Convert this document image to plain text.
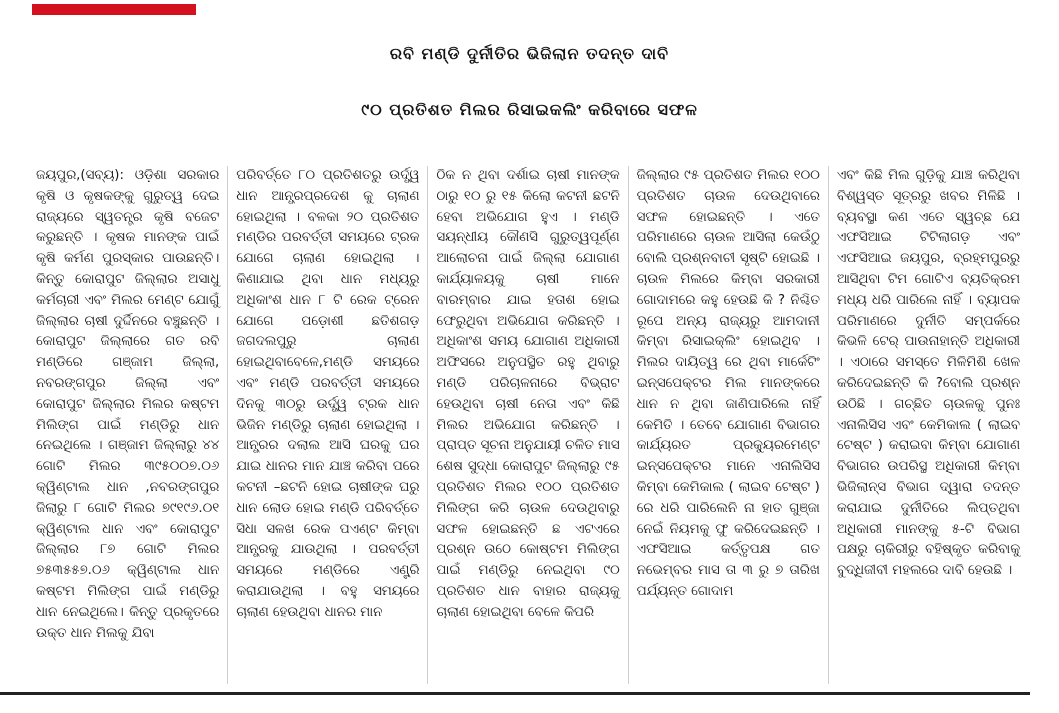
ରବି ମଣ୍ଡି ଦୁର୍ନୀତିର ଭିଜିଲାନ ତଦନ୍ତ ଦାବି
୯୦ ପ୍ରତିଶତ ମିଲର ରିସାଇକଲିଂ କରିବାରେ ସଫଳ
ଜୟପୁର,(ସବ୍ୟ): ଓଡ଼ିଶା ସରକାର କୃଷି ଓ କୃଷକଙ୍କୁ ଗୁରୁତ୍ୱ ଦେଇ ରାଜ୍ୟରେ ସ୍ୱତନ୍ତ୍ର କୃଷି ବଜେଟ କରୁଛନ୍ତି । କୃଷକ ମାନଙ୍କ ପାଇଁ କୃଷି କର୍ମଣ ପୁରସ୍କାର ପାଉଛନ୍ତି। କିନ୍ତୁ କୋରାପୁଟ ଜିଲ୍ଲାର ଅସାଧୁ କର୍ମଚାରୀ ଏବଂ ମିଲର ମେଣ୍ଟ ଯୋଗୁଁ ଜିଲ୍ଲାର ଚାଷୀ ଦୁର୍ଦ୍ଦିନରେ ବଞ୍ଚୁଛନ୍ତି । କୋରାପୁଟ ଜିଲ୍ଲାରେ ଗତ ରବି ମଣ୍ଡିରେ ଗଞ୍ଜାମ ଜିଲ୍ଲା, ନବରଙ୍ଗପୁର ଜିଲ୍ଲା ଏବଂ କୋରାପୁଟ ଜିଲ୍ଲାର ମିଲର କଷ୍ଟମ ମିଲିଙ୍ଗ ପାଇଁ ମଣ୍ଡିରୁ ଧାନ ନେଇଥିଲେ । ଗଞ୍ଜାମ ଜିଲ୍ଲାରୁ ୪୪ ଗୋଟି ମିଲର ୩୯୫୦୦୭.୦୬ କ୍ୱିଣ୍ଟାଲ ଧାନ ,ନବରଙ୍ଗପୁର ଜିଲାରୁ ୮ ଗୋଟି ମିଲର ୭୯୧୯୬.୦୧ କ୍ୱିଣ୍ଟାଲ ଧାନ ଏବଂ କୋରାପୁଟ ଜିଲ୍ଲାର ୮୭ ଗୋଟି ମିଲର ୭୫୩୫୫୭.୦୬ କ୍ୱିଣ୍ଟାଲ ଧାନ କଷ୍ଟମ ମିଲିଙ୍ଗ ପାଇଁ ମଣ୍ଡିରୁ ଧାନ ନେଇଥିଲେ। କିନ୍ତୁ ପ୍ରକୃତରେ ଉକ୍ତ ଧାନ ମିଲକୁ ଯିବା
ପରିବର୍ତ୍ତେ ୮୦ ପ୍ରତିଶତରୁ ଉର୍ଦ୍ଧ୍ୱ ଧାନ ଆନ୍ଧ୍ରପ୍ରଦେଶ କୁ ଚାଲାଣ ହୋଇଥିଲା । ବଳକା ୨୦ ପ୍ରତିଶତ ମଣ୍ଡିର ପରବର୍ତ୍ତୀ ସମୟରେ ଟ୍ରକ ଯୋଗେ ଚାଲାଣ ହୋଇଥିଲା । କିଣାଯାଇ ଥିବା ଧାନ ମଧ୍ୟରୁ ଅଧିକାଂଶ ଧାନ ୮ ଟି ରେକ ଟ୍ରେନ ଯୋଗେ ପଡ଼ୋଶୀ ଛତିଶଗଡ଼ ଜଗଦଲପୁରୁ ଚାଲାଣ ହୋଇଥିବାବେଳେ,ମଣ୍ଡି ସମୟରେ ଏବଂ ମଣ୍ଡି ପରବର୍ତ୍ତୀ ସମୟରେ ଦିନକୁ ୩୦ରୁ ଉର୍ଦ୍ଧ୍ୱ ଟ୍ରକ ଧାନ ଭିଜିନ ମଣ୍ଡିରୁ ଚାଲାଣ ହୋଇଥିଲା । ଆନ୍ଧ୍ରର ଦଲାଲ ଆସି ଘରକୁ ଘର ଯାଇ ଧାନର ମାନ ଯାଞ୍ଚ କରିବା ପରେ କଟନୀ –ଛଟନି ହୋଇ ଚାଷୀଙ୍କ ଘରୁ ଧାନ ଲୋଡ ହୋଇ ମଣ୍ଡି ପରିବର୍ତ୍ତେ ସିଧା ସଳଖ ରେକ ପଏଣ୍ଟ କିମ୍ବା ଆନ୍ଧ୍ରକୁ ଯାଉଥିଲା । ପରବର୍ତ୍ତୀ ସମୟରେ ମଣ୍ଡିରେ ଏଣ୍ଟ୍ରି କରାଯାଉଥିଲା । ବହୁ ସମୟରେ ଚାଲାଣ ହେଉଥିବା ଧାନର ମାନ
ଠିକ ନ ଥିବା ଦର୍ଶାଇ ଚାଷୀ ମାନଙ୍କ ଠାରୁ ୧୦ ରୁ ୧୫ କିଲୋ କଟନୀ ଛଟନି ହେବା ଅଭିଯୋଗ ହୁଏ । ମଣ୍ଡି ସୟନ୍ଧୀୟ କୌଣସି ଗୁରୁତ୍ୱପୂର୍ଣ୍ଣ ଆଲୋଚନା ପାଇଁ ଜିଲ୍ଲା ଯୋଗାଣ କାର୍ଯ୍ୟାଳୟକୁ ଚାଷୀ ମାନେ ବାରମ୍ବାର ଯାଇ ହତାଶ ହୋଇ ଫେରୁଥିବା ଅଭିଯୋଗ କରିଛନ୍ତି । ଅଧିକାଂଶ ସମୟ ଯୋଗାଣ ଅଧିକାରୀ ଅଫିସରେ ଅନୁପସ୍ଥିତ ରହୁ ଥିବାରୁ ମଣ୍ଡି ପରିଚାଳନାରେ ବିଭ୍ରାଟ ହେଉଥିବା ଚାଷୀ ନେତା ଏବଂ କିଛି ମିଲର ଅଭିଯୋଗ କରିଛନ୍ତି । ପ୍ରାପ୍ତ ସୂଚନା ଅନୁଯାୟୀ ଚଳିତ ମାସ ଶେଷ ସୁଦ୍ଧା କୋରାପୁଟ ଜିଲ୍ଲାରୁ ୯୫ ପ୍ରତିଶତ ମିଲର ୧୦୦ ପ୍ରତିଶତ ମିଲିଙ୍ଗ କରି ଚାଉଳ ଦେଉଥିବାରୁ ସଫଳ ହୋଇଛନ୍ତି ଛ ଏଟଏରେ ପ୍ରଶ୍ନ ଉଠେ କୋଷ୍ଟମ ମିଲିଙ୍ଗ ପାଇଁ ମଣ୍ଡିରୁ ନେଇଥିବା ୯୦ ପ୍ରତିଶତ ଧାନ ବାହାର ରାଜ୍ୟକୁ ଚାଲାଣ ହୋଇଥିବା ବେଳେ କିପରି
ଜିଲ୍ଲାର ୯୫ ପ୍ରତିଶତ ମିଲର ୧୦୦ ପ୍ରତିଶତ ଚାଉଳ ଦେଉଥିବାରେ ସଫଳ ହୋଇଛନ୍ତି । ଏତେ ପରିମାଣରେ ଚାଉଳ ଆସିଲା କେଉଁଠୁ ବୋଲି ପ୍ରଶ୍ନବାଚୀ ସୃଷ୍ଟି ହୋଇଛି । ଚାଉଳ ମିଲରେ କିମ୍ବା ସରକାରୀ ଗୋଦାମରେ କହୁ ହେଉଛି କି ? ନିଶ୍ଚିତ ରୂପେ ଅନ୍ୟ ରାଜ୍ୟରୁ ଆମଦାନୀ କିମ୍ବା ରିସାଇକ୍ଲିଂ ହୋଇଥିବ । ମିଲର ଦାୟିତ୍ୱ ରେ ଥିବା ମାର୍କେଟିଂ ଇନ୍ସପେକ୍ଟର ମିଲ ମାନଙ୍କରେ ଧାନ ନ ଥିବା ଜାଣିପାରିଲେ ନାହିଁ କେମିତି । ତେବେ ଯୋଗାଣ ବିଭାଗର କାର୍ଯ୍ୟରତ ପ୍ରକ୍ୟୁରମେଣ୍ଟ ଇନ୍ସପେକ୍ଟର ମାନେ ଏନାଲିସିସ କିମ୍ବା କେମିକାଲ ( ଲାଇବ ଟେଷ୍ଟ ) ରେ ଧରି ପାରିଲେନି ନା ହାତ ଗୁଞ୍ଜା ନେଇଁ ନିୟମକୁ ଫୁ କରିଦେଇଛନ୍ତି । ଏଫସିଆଇ କର୍ତ୍ତୃପକ୍ଷ ଗତ ନଭେମ୍ବର ମାସ ତା ୩ ରୁ ୭ ତାରିଖ ପର୍ଯ୍ୟନ୍ତ ଗୋଦାମ
ଏବଂ କିଛି ମିଲ ଗୁଡ଼ିକୁ ଯାଞ୍ଚ କରିଥିବା ବିଶ୍ୱସ୍ତ ସୂତ୍ରରୁ ଖବର ମିଳିଛି । ବ୍ୟବସ୍ଥା କଣ ଏତେ ସ୍ୱଚ୍ଛ ଯେ ଏଫସିଆଇ ଟିଟିଲାଗଡ଼ ଏବଂ ଏଫସିଆଇ ଜୟପୁର, ବ୍ରହ୍ମପୁରରୁ ଆସିଥିବା ଟିମ ଗୋଟିଏ ବ୍ୟତିକ୍ରମ ମଧ୍ୟ ଧରି ପାରିଲେ ନାହିଁ । ବ୍ୟାପକ ପରିମାଣରେ ଦୁର୍ନୀତି ସମ୍ପର୍କରେ କିଭଳି ଟେର୍ ପାଉନାହାନ୍ତି ଅଧିକାରୀ । ଏଠାରେ ସମସ୍ତେ ମିଳିମିଶି ଖେଳ କରିଦେଇଛନ୍ତି କି ?ବୋଲି ପ୍ରଶ୍ନ ଉଠିଛି । ଗଚ୍ଛିତ ଚାଉଳକୁ ପୁନଃ ଏନାଲିସିସ ଏବଂ କେମିକାଲ ( ଲାଇବ ଟେଷ୍ଟ ) କରାଇବା କିମ୍ବା ଯୋଗାଣ ବିଭାଗର ଉପରିସ୍ଥ ଅଧିକାରୀ କିମ୍ବା ଭିଜିଲାନ୍ସ ବିଭାଗ ଦ୍ୱାରା ତଦନ୍ତ କରାଯାଇ ଦୁର୍ନୀତିରେ ଲିପ୍ତଥିବା ଅଧିକାରୀ ମାନଙ୍କୁ ୫-ଟି ବିଭାଗ ପକ୍ଷରୁ ଚାକିରୀରୁ ବହିଷ୍କୃତ କରିବାକୁ ବୁଦ୍ଧିଜୀବୀ ମହଲରେ ଦାବି ହେଉଛି ।
